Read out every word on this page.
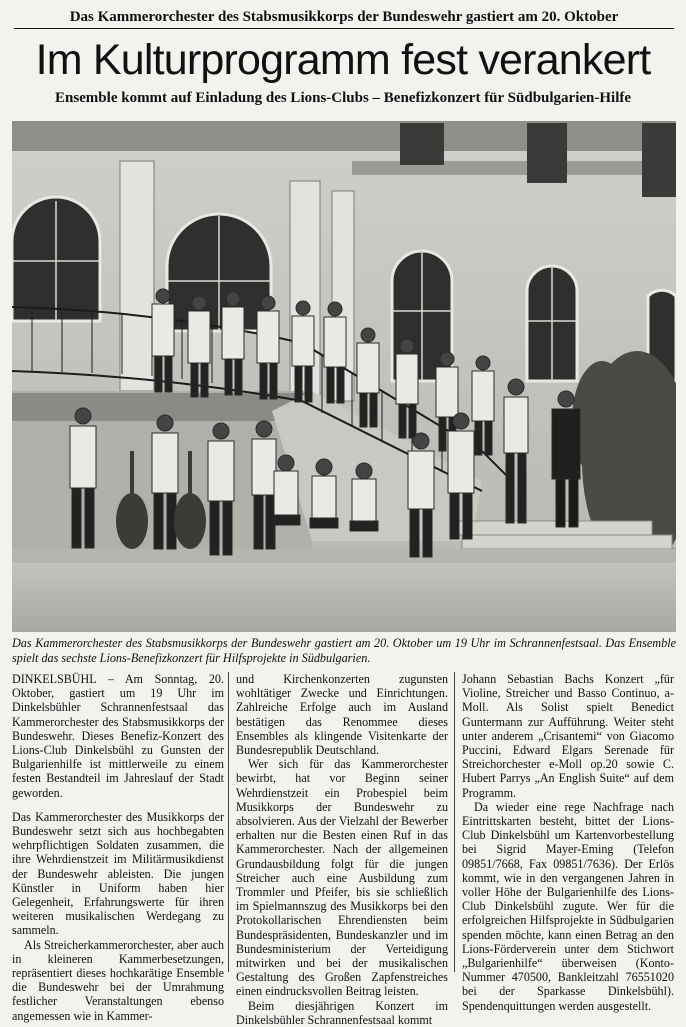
Das Kammerorchester des Stabsmusikkorps der Bundeswehr gastiert am 20. Oktober
Im Kulturprogramm fest verankert
Ensemble kommt auf Einladung des Lions-Clubs – Benefizkonzert für Südbulgarien-Hilfe
Das Kammerorchester des Stabsmusikkorps der Bundeswehr gastiert am 20. Oktober um 19 Uhr im Schrannenfestsaal. Das Ensemble spielt das sechste Lions-Benefizkonzert für Hilfsprojekte in Südbulgarien.

DINKELSBÜHL – Am Sonntag, 20. Oktober, gastiert um 19 Uhr im Dinkelsbühler Schrannenfestsaal das Kammerorchester des Stabsmusikkorps der Bundeswehr. Dieses Benefiz-Konzert des Lions-Club Dinkelsbühl zu Gunsten der Bulgarienhilfe ist mittlerweile zu einem festen Bestandteil im Jahreslauf der Stadt geworden.

Das Kammerorchester des Musikkorps der Bundeswehr setzt sich aus hochbegabten wehrpflichtigen Soldaten zusammen, die ihre Wehrdienstzeit im Militärmusikdienst der Bundeswehr ableisten. Die jungen Künstler in Uniform haben hier Gelegenheit, Erfahrungswerte für ihren weiteren musikalischen Werdegang zu sammeln.

Als Streicherkammerorchester, aber auch in kleineren Kammerbesetzungen, repräsentiert dieses hochkarätige Ensemble die Bundeswehr bei der Umrahmung festlicher Veranstaltungen ebenso angemessen wie in Kammer-

und Kirchenkonzerten zugunsten wohltätiger Zwecke und Einrichtungen. Zahlreiche Erfolge auch im Ausland bestätigen das Renommee dieses Ensembles als klingende Visitenkarte der Bundesrepublik Deutschland.

Wer sich für das Kammerorchester bewirbt, hat vor Beginn seiner Wehrdienstzeit ein Probespiel beim Musikkorps der Bundeswehr zu absolvieren. Aus der Vielzahl der Bewerber erhalten nur die Besten einen Ruf in das Kammerorchester. Nach der allgemeinen Grundausbildung folgt für die jungen Streicher auch eine Ausbildung zum Trommler und Pfeifer, bis sie schließlich im Spielmannszug des Musikkorps bei den Protokollarischen Ehrendiensten beim Bundespräsidenten, Bundeskanzler und im Bundesministerium der Verteidigung mitwirken und bei der musikalischen Gestaltung des Großen Zapfenstreiches einen eindrucksvollen Beitrag leisten.

Beim diesjährigen Konzert im Dinkelsbühler Schrannenfestsaal kommt

Johann Sebastian Bachs Konzert „für Violine, Streicher und Basso Continuo, a-Moll. Als Solist spielt Benedict Guntermann zur Aufführung. Weiter steht unter anderem „Crisantemi“ von Giacomo Puccini, Edward Elgars Serenade für Streichorchester e-Moll op.20 sowie C. Hubert Parrys „An English Suite“ auf dem Programm.

Da wieder eine rege Nachfrage nach Eintrittskarten besteht, bittet der Lions-Club Dinkelsbühl um Kartenvorbestellung bei Sigrid Mayer-Eming (Telefon 09851/7668, Fax 09851/7636). Der Erlös kommt, wie in den vergangenen Jahren in voller Höhe der Bulgarienhilfe des Lions-Club Dinkelsbühl zugute. Wer für die erfolgreichen Hilfsprojekte in Südbulgarien spenden möchte, kann einen Betrag an den Lions-Förderverein unter dem Stichwort „Bulgarienhilfe“ überweisen (Konto-Nummer 470500, Bankleitzahl 76551020 bei der Sparkasse Dinkelsbühl). Spendenquittungen werden ausgestellt.
